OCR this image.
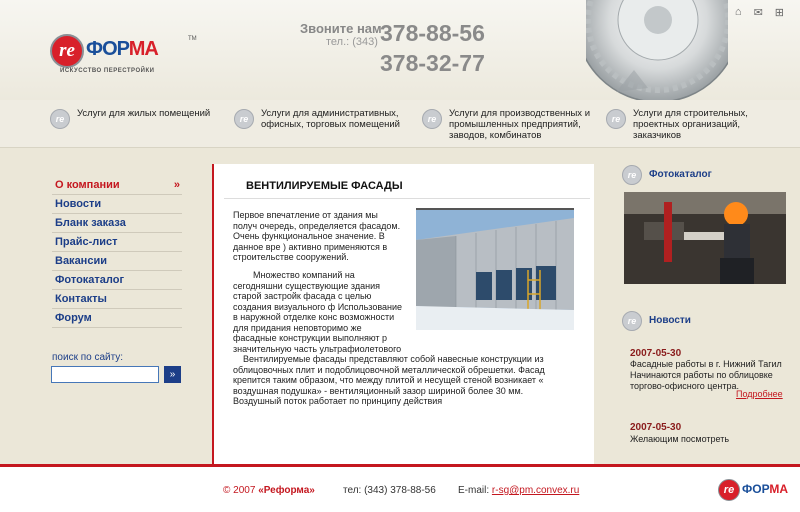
re ФОРМА	TM
ИСКУССТВО ПЕРЕСТРОЙКИ
Звоните нам
тел.: (343) 378-88-56
378-32-77
⌂ ✉ ⊞
re	Услуги для жилых помещений	re	Услуги для административных, офисных, торговых помещений	re	Услуги для производственных и промышленных предприятий, заводов, комбинатов
re	Услуги для строительных, проектных организаций, заказчиков
О компании	»
Новости
Бланк заказа
Прайс-лист
Вакансии
Фотокаталог
Контакты
Форум
поиск по сайту:
»
ВЕНТИЛИРУЕМЫЕ ФАСАДЫ
Первое впечатление от здания мы получ очередь, определяется фасадом. Очень функциональное значение. В данное вре ) активно применяются в строительстве сооружений.
Множество компаний на сегодняшни существующие здания старой застройк фасада с целью создания визуального ф Использование в наружной отделке конс возможности для придания неповторимо же фасадные конструкции выполняют р значительную часть ультрафиолетового
Вентилируемые фасады представляют собой навесные конструкции из облицовочных плит и подоблицовочной металлической обрешетки. Фасад крепится таким образом, что между плитой и несущей стеной возникает « воздушная подушка» - вентиляционный зазор шириной более 30 мм. Воздушный поток работает по принципу действия
re	Фотокаталог
re	Новости
2007-05-30
Фасадные работы в г. Нижний Тагил Начинаются работы по облицовке торгово-офисного центра.
Подробнее
2007-05-30
Желающим посмотреть
© 2007 «Реформа»	тел: (343) 378-88-56 E-mail: r-sg@pm.convex.ru	re ФОРМА
